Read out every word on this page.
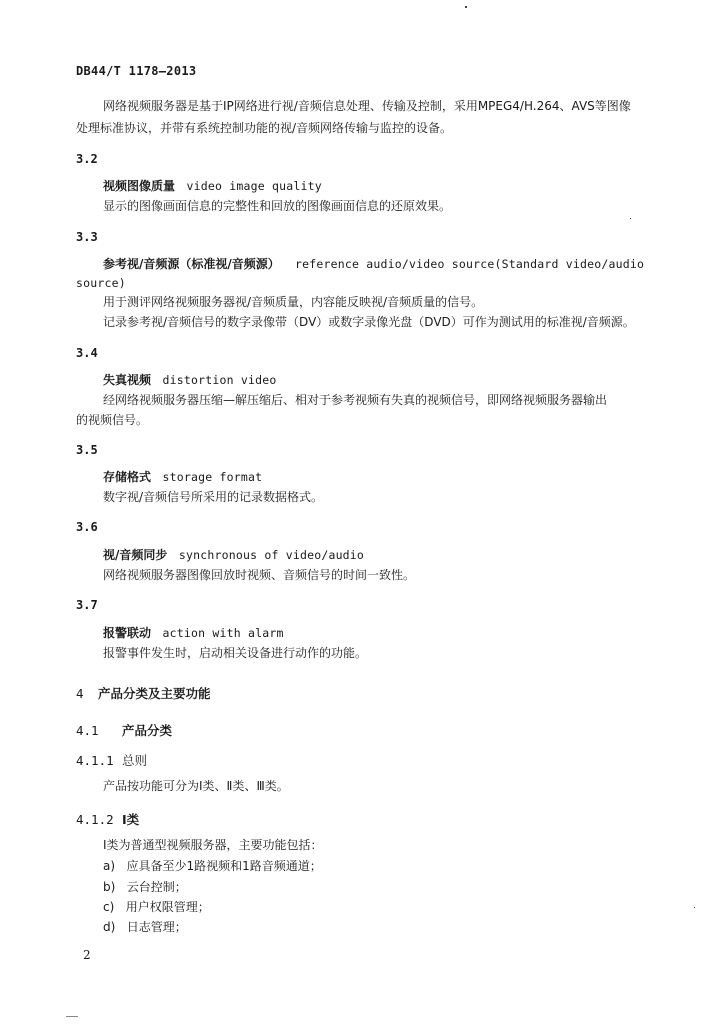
DB44/T 1178—2013
网络视频服务器是基于IP网络进行视/音频信息处理、传输及控制，采用MPEG4/H.264、AVS等图像
处理标准协议，并带有系统控制功能的视/音频网络传输与监控的设备。
3.2
视频图像质量 video image quality
显示的图像画面信息的完整性和回放的图像画面信息的还原效果。
3.3
参考视/音频源（标准视/音频源） reference audio/video source(Standard video/audio
source)
用于测评网络视频服务器视/音频质量，内容能反映视/音频质量的信号。
记录参考视/音频信号的数字录像带（DV）或数字录像光盘（DVD）可作为测试用的标准视/音频源。
3.4
失真视频 distortion video
经网络视频服务器压缩—解压缩后、相对于参考视频有失真的视频信号，即网络视频服务器输出
的视频信号。
3.5
存储格式 storage format
数字视/音频信号所采用的记录数据格式。
3.6
视/音频同步 synchronous of video/audio
网络视频服务器图像回放时视频、音频信号的时间一致性。
3.7
报警联动 action with alarm
报警事件发生时，启动相关设备进行动作的功能。
4 产品分类及主要功能
4.1 产品分类
4.1.1 总则
产品按功能可分为Ⅰ类、Ⅱ类、Ⅲ类。
4.1.2 Ⅰ类
Ⅰ类为普通型视频服务器，主要功能包括：
a) 应具备至少1路视频和1路音频通道；
b) 云台控制；
c) 用户权限管理；
d) 日志管理；
2
